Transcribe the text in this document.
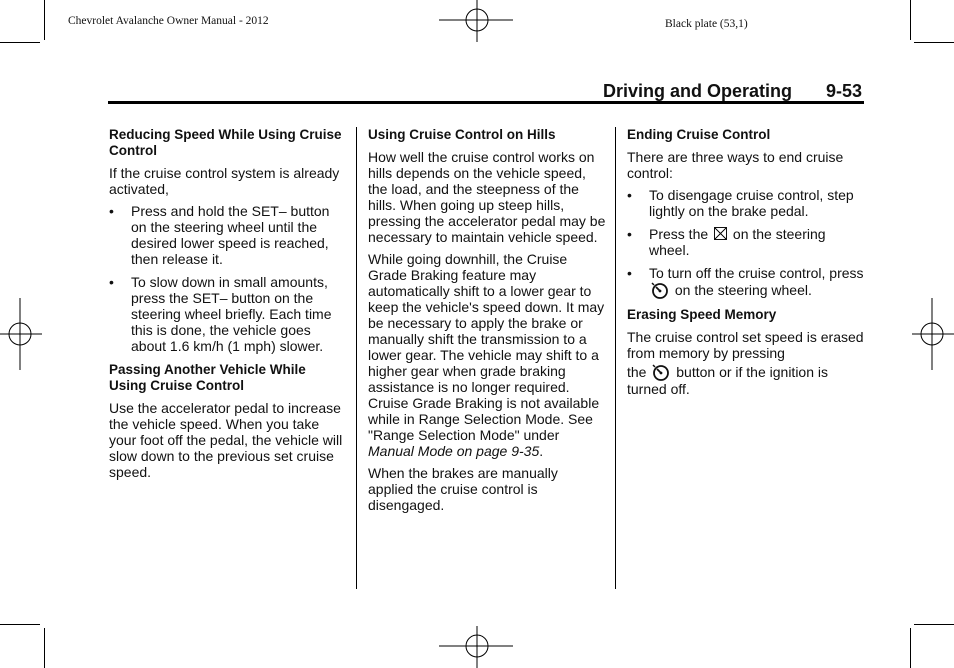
Chevrolet Avalanche Owner Manual - 2012	Black plate (53,1)
Driving and Operating 9-53
Reducing Speed While Using Cruise Control

If the cruise control system is already activated,

• Press and hold the SET– button on the steering wheel until the desired lower speed is reached, then release it.
• To slow down in small amounts, press the SET– button on the steering wheel briefly. Each time this is done, the vehicle goes about 1.6 km/h (1 mph) slower.
Passing Another Vehicle While Using Cruise Control

Use the accelerator pedal to increase the vehicle speed. When you take your foot off the pedal, the vehicle will slow down to the previous set cruise speed.

Using Cruise Control on Hills

How well the cruise control works on hills depends on the vehicle speed, the load, and the steepness of the hills. When going up steep hills, pressing the accelerator pedal may be necessary to maintain vehicle speed.

While going downhill, the Cruise Grade Braking feature may automatically shift to a lower gear to keep the vehicle's speed down. It may be necessary to apply the brake or manually shift the transmission to a lower gear. The vehicle may shift to a higher gear when grade braking assistance is no longer required. Cruise Grade Braking is not available while in Range Selection Mode. See "Range Selection Mode" under Manual Mode on page 9-35.

When the brakes are manually applied the cruise control is disengaged.

Ending Cruise Control

There are three ways to end cruise control:

• To disengage cruise control, step lightly on the brake pedal.
• Press the on the steering wheel.
• To turn off the cruise control, press  on the steering wheel.
Erasing Speed Memory

The cruise control set speed is erased from memory by pressing

the button or if the ignition is turned off.
